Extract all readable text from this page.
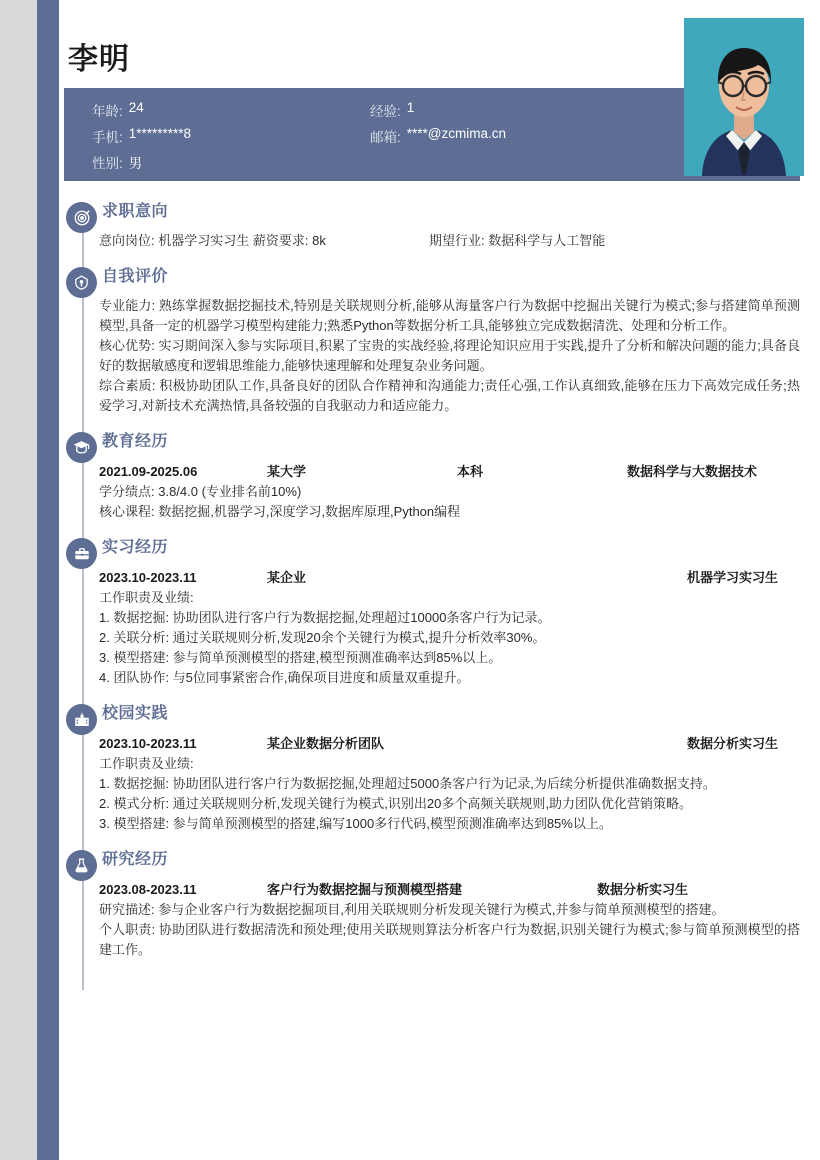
李明
年龄: 24	经验: 1
手机: 1*********8	邮箱: ****@zcmima.cn
性别: 男
求职意向
意向岗位: 机器学习实习生 薪资要求: 8k	期望行业: 数据科学与人工智能
自我评价
专业能力: 熟练掌握数据挖掘技术,特别是关联规则分析,能够从海量客户行为数据中挖掘出关键行为模式;参与搭建简单预测模型,具备一定的机器学习模型构建能力;熟悉Python等数据分析工具,能够独立完成数据清洗、处理和分析工作。
核心优势: 实习期间深入参与实际项目,积累了宝贵的实战经验,将理论知识应用于实践,提升了分析和解决问题的能力;具备良好的数据敏感度和逻辑思维能力,能够快速理解和处理复杂业务问题。
综合素质: 积极协助团队工作,具备良好的团队合作精神和沟通能力;责任心强,工作认真细致,能够在压力下高效完成任务;热爱学习,对新技术充满热情,具备较强的自我驱动力和适应能力。
教育经历
2021.09-2025.06	某大学	本科	数据科学与大数据技术
学分绩点: 3.8/4.0 (专业排名前10%)
核心课程: 数据挖掘,机器学习,深度学习,数据库原理,Python编程
实习经历
2023.10-2023.11	某企业	机器学习实习生
工作职责及业绩:
1. 数据挖掘: 协助团队进行客户行为数据挖掘,处理超过10000条客户行为记录。
2. 关联分析: 通过关联规则分析,发现20余个关键行为模式,提升分析效率30%。
3. 模型搭建: 参与简单预测模型的搭建,模型预测准确率达到85%以上。
4. 团队协作: 与5位同事紧密合作,确保项目进度和质量双重提升。
校园实践
2023.10-2023.11	某企业数据分析团队	数据分析实习生
工作职责及业绩:
1. 数据挖掘: 协助团队进行客户行为数据挖掘,处理超过5000条客户行为记录,为后续分析提供准确数据支持。
2. 模式分析: 通过关联规则分析,发现关键行为模式,识别出20多个高频关联规则,助力团队优化营销策略。
3. 模型搭建: 参与简单预测模型的搭建,编写1000多行代码,模型预测准确率达到85%以上。
研究经历
2023.08-2023.11	客户行为数据挖掘与预测模型搭建	数据分析实习生
研究描述: 参与企业客户行为数据挖掘项目,利用关联规则分析发现关键行为模式,并参与简单预测模型的搭建。
个人职责: 协助团队进行数据清洗和预处理;使用关联规则算法分析客户行为数据,识别关键行为模式;参与简单预测模型的搭建工作。
